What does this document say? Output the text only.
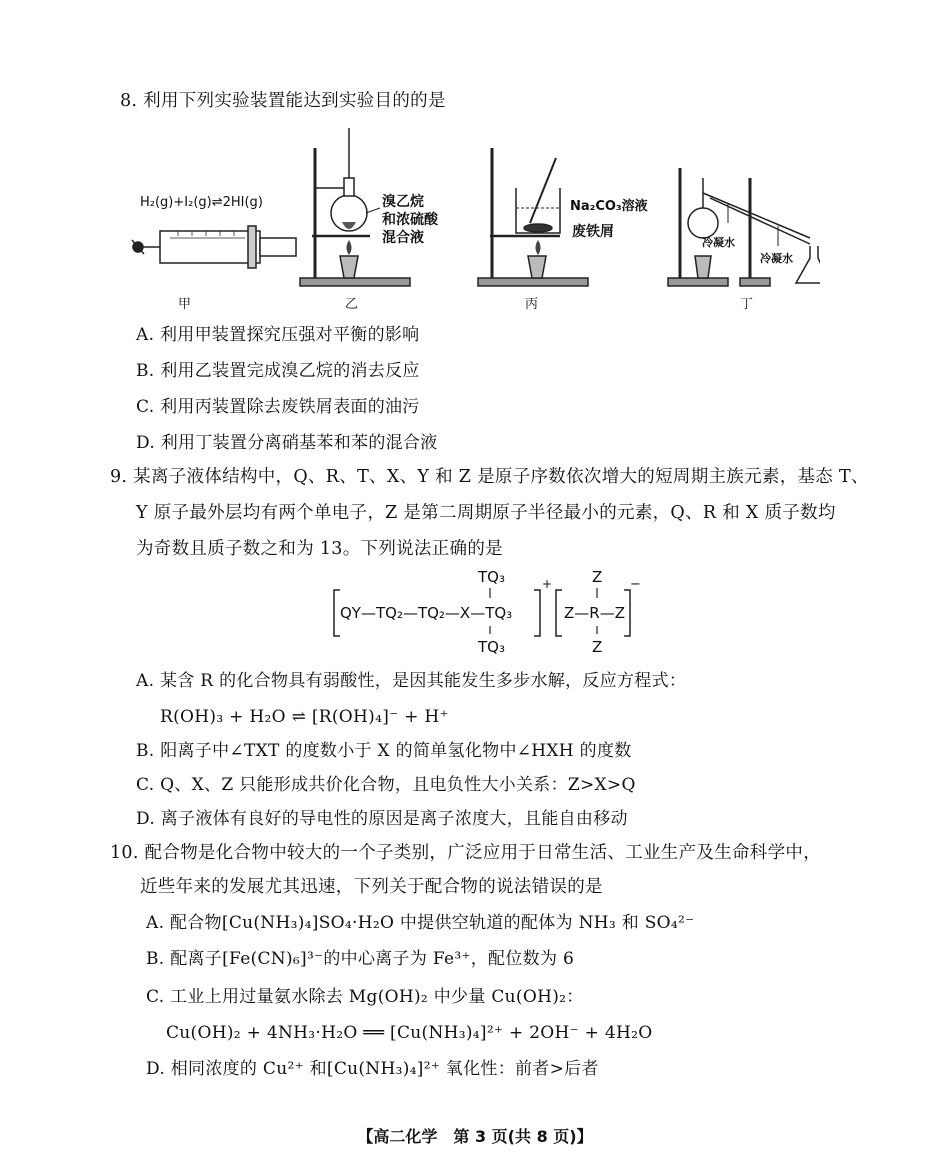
8. 利用下列实验装置能达到实验目的的是
H₂(g)+I₂(g)⇌2HI(g)	溴乙烷
和浓硫酸
混合液
Na₂CO₃溶液
废铁屑
冷凝水
冷凝水
甲	乙	丙	丁
A. 利用甲装置探究压强对平衡的影响
B. 利用乙装置完成溴乙烷的消去反应
C. 利用丙装置除去废铁屑表面的油污
D. 利用丁装置分离硝基苯和苯的混合液
9. 某离子液体结构中，Q、R、T、X、Y 和 Z 是原子序数依次增大的短周期主族元素，基态 T、
Y 原子最外层均有两个单电子，Z 是第二周期原子半径最小的元素，Q、R 和 X 质子数均
为奇数且质子数之和为 13。下列说法正确的是
TQ₃
QY—TQ₂—TQ₂—X—TQ₃
TQ₃
+	Z
Z—R—Z
Z
−
A. 某含 R 的化合物具有弱酸性，是因其能发生多步水解，反应方程式：
R(OH)₃ + H₂O ⇌ [R(OH)₄]⁻ + H⁺
B. 阳离子中∠TXT 的度数小于 X 的简单氢化物中∠HXH 的度数
C. Q、X、Z 只能形成共价化合物，且电负性大小关系：Z>X>Q
D. 离子液体有良好的导电性的原因是离子浓度大，且能自由移动
10. 配合物是化合物中较大的一个子类别，广泛应用于日常生活、工业生产及生命科学中，
近些年来的发展尤其迅速，下列关于配合物的说法错误的是
A. 配合物[Cu(NH₃)₄]SO₄·H₂O 中提供空轨道的配体为 NH₃ 和 SO₄²⁻
B. 配离子[Fe(CN)₆]³⁻的中心离子为 Fe³⁺，配位数为 6
C. 工业上用过量氨水除去 Mg(OH)₂ 中少量 Cu(OH)₂：
Cu(OH)₂ + 4NH₃·H₂O ══ [Cu(NH₃)₄]²⁺ + 2OH⁻ + 4H₂O
D. 相同浓度的 Cu²⁺ 和[Cu(NH₃)₄]²⁺ 氧化性：前者>后者
【高二化学　第 3 页(共 8 页)】
